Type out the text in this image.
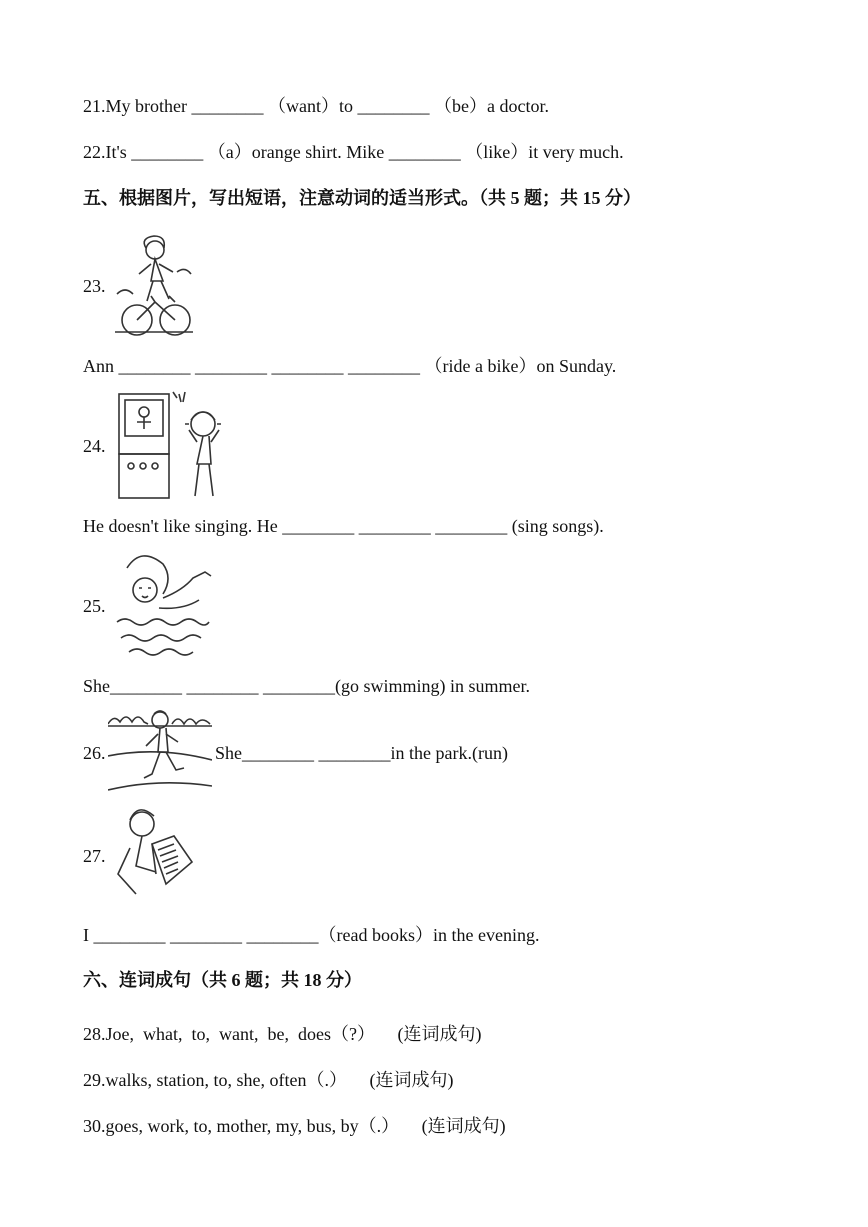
21.My brother ________ （want）to ________ （be）a doctor.
22.It's ________ （a）orange shirt. Mike ________ （like）it very much.
五、根据图片，写出短语，注意动词的适当形式。（共 5 题；共 15 分）
23.
Ann ________ ________ ________ ________ （ride a bike）on Sunday.
24.
He doesn't like singing. He ________ ________ ________ (sing songs).
25.
She________ ________ ________(go swimming) in summer.
26.	She________ ________in the park.(run)
27.
I ________ ________ ________（read books）in the evening.
六、连词成句（共 6 题；共 18 分）
28.Joe,  what,  to,  want,  be,  does（?）     (连词成句)
29.walks, station, to, she, often（.）     (连词成句)
30.goes, work, to, mother, my, bus, by（.）     (连词成句)
